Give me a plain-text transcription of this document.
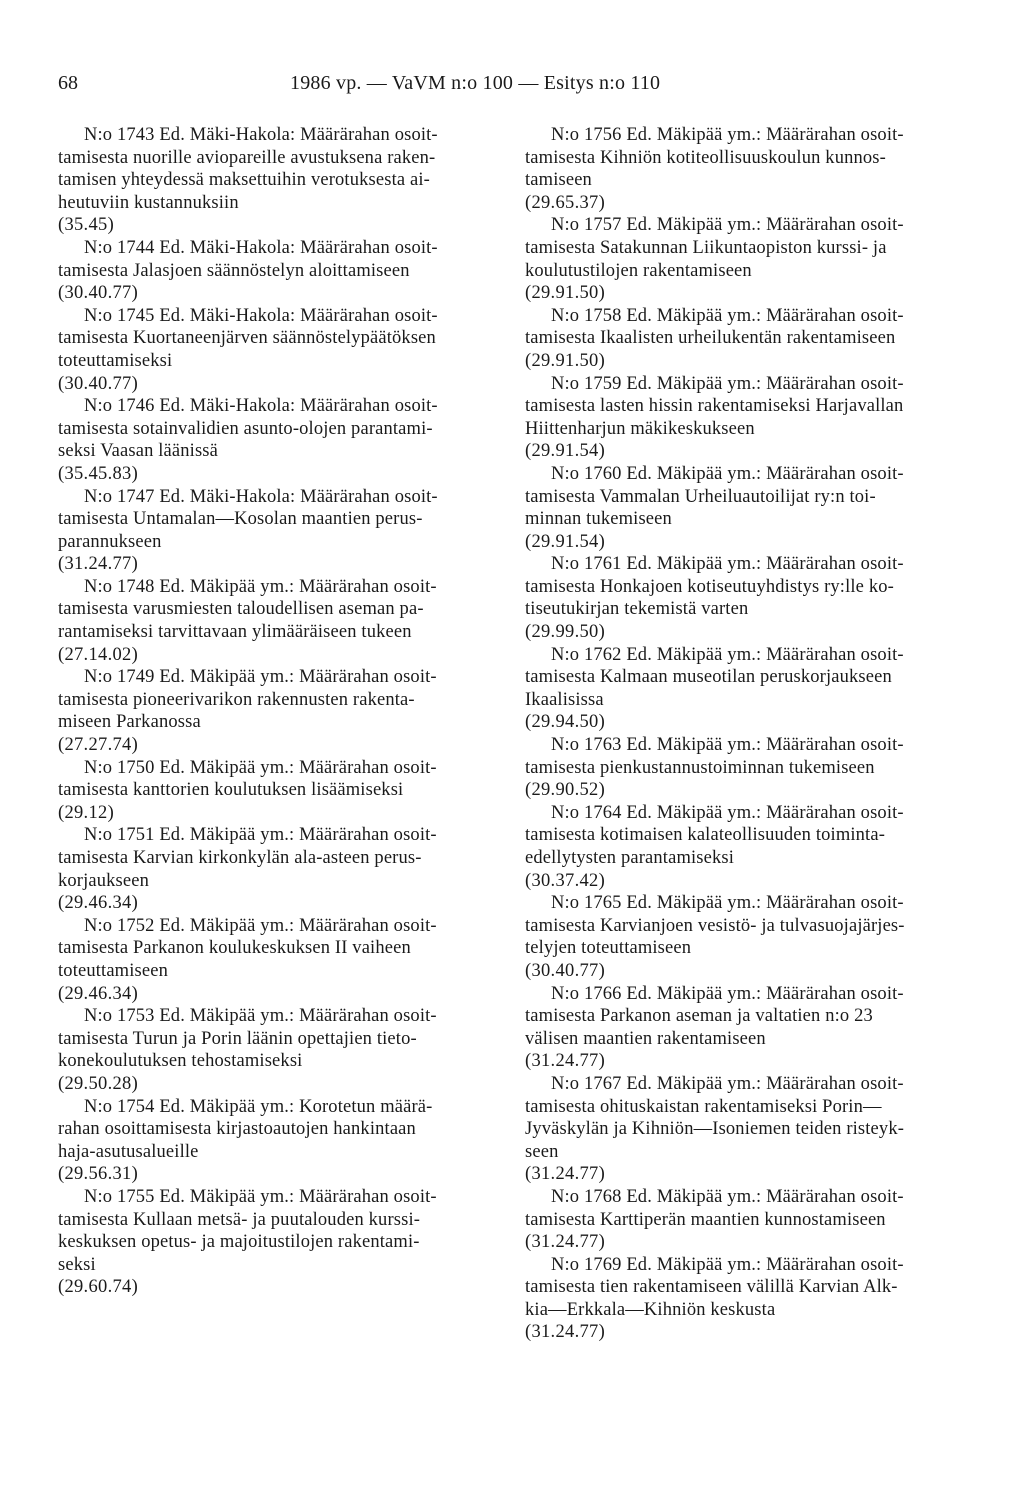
68	1986 vp. — VaVM n:o 100 — Esitys n:o 110

N:o 1743 Ed. Mäki-Hakola: Määrärahan osoit-

tamisesta nuorille aviopareille avustuksena raken-

tamisen yhteydessä maksettuihin verotuksesta ai-

heutuviin kustannuksiin

(35.45)

N:o 1744 Ed. Mäki-Hakola: Määrärahan osoit-

tamisesta Jalasjoen säännöstelyn aloittamiseen

(30.40.77)

N:o 1745 Ed. Mäki-Hakola: Määrärahan osoit-

tamisesta Kuortaneenjärven säännöstelypäätöksen

toteuttamiseksi

(30.40.77)

N:o 1746 Ed. Mäki-Hakola: Määrärahan osoit-

tamisesta sotainvalidien asunto-olojen parantami-

seksi Vaasan läänissä

(35.45.83)

N:o 1747 Ed. Mäki-Hakola: Määrärahan osoit-

tamisesta Untamalan—Kosolan maantien perus-

parannukseen

(31.24.77)

N:o 1748 Ed. Mäkipää ym.: Määrärahan osoit-

tamisesta varusmiesten taloudellisen aseman pa-

rantamiseksi tarvittavaan ylimääräiseen tukeen

(27.14.02)

N:o 1749 Ed. Mäkipää ym.: Määrärahan osoit-

tamisesta pioneerivarikon rakennusten rakenta-

miseen Parkanossa

(27.27.74)

N:o 1750 Ed. Mäkipää ym.: Määrärahan osoit-

tamisesta kanttorien koulutuksen lisäämiseksi

(29.12)

N:o 1751 Ed. Mäkipää ym.: Määrärahan osoit-

tamisesta Karvian kirkonkylän ala-asteen perus-

korjaukseen

(29.46.34)

N:o 1752 Ed. Mäkipää ym.: Määrärahan osoit-

tamisesta Parkanon koulukeskuksen II vaiheen

toteuttamiseen

(29.46.34)

N:o 1753 Ed. Mäkipää ym.: Määrärahan osoit-

tamisesta Turun ja Porin läänin opettajien tieto-

konekoulutuksen tehostamiseksi

(29.50.28)

N:o 1754 Ed. Mäkipää ym.: Korotetun määrä-

rahan osoittamisesta kirjastoautojen hankintaan

haja-asutusalueille

(29.56.31)

N:o 1755 Ed. Mäkipää ym.: Määrärahan osoit-

tamisesta Kullaan metsä- ja puutalouden kurssi-

keskuksen opetus- ja majoitustilojen rakentami-

seksi

(29.60.74)

N:o 1756 Ed. Mäkipää ym.: Määrärahan osoit-

tamisesta Kihniön kotiteollisuuskoulun kunnos-

tamiseen

(29.65.37)

N:o 1757 Ed. Mäkipää ym.: Määrärahan osoit-

tamisesta Satakunnan Liikuntaopiston kurssi- ja

koulutustilojen rakentamiseen

(29.91.50)

N:o 1758 Ed. Mäkipää ym.: Määrärahan osoit-

tamisesta Ikaalisten urheilukentän rakentamiseen

(29.91.50)

N:o 1759 Ed. Mäkipää ym.: Määrärahan osoit-

tamisesta lasten hissin rakentamiseksi Harjavallan

Hiittenharjun mäkikeskukseen

(29.91.54)

N:o 1760 Ed. Mäkipää ym.: Määrärahan osoit-

tamisesta Vammalan Urheiluautoilijat ry:n toi-

minnan tukemiseen

(29.91.54)

N:o 1761 Ed. Mäkipää ym.: Määrärahan osoit-

tamisesta Honkajoen kotiseutuyhdistys ry:lle ko-

tiseutukirjan tekemistä varten

(29.99.50)

N:o 1762 Ed. Mäkipää ym.: Määrärahan osoit-

tamisesta Kalmaan museotilan peruskorjaukseen

Ikaalisissa

(29.94.50)

N:o 1763 Ed. Mäkipää ym.: Määrärahan osoit-

tamisesta pienkustannustoiminnan tukemiseen

(29.90.52)

N:o 1764 Ed. Mäkipää ym.: Määrärahan osoit-

tamisesta kotimaisen kalateollisuuden toiminta-

edellytysten parantamiseksi

(30.37.42)

N:o 1765 Ed. Mäkipää ym.: Määrärahan osoit-

tamisesta Karvianjoen vesistö- ja tulvasuojajärjes-

telyjen toteuttamiseen

(30.40.77)

N:o 1766 Ed. Mäkipää ym.: Määrärahan osoit-

tamisesta Parkanon aseman ja valtatien n:o 23

välisen maantien rakentamiseen

(31.24.77)

N:o 1767 Ed. Mäkipää ym.: Määrärahan osoit-

tamisesta ohituskaistan rakentamiseksi Porin—

Jyväskylän ja Kihniön—Isoniemen teiden risteyk-

seen

(31.24.77)

N:o 1768 Ed. Mäkipää ym.: Määrärahan osoit-

tamisesta Karttiperän maantien kunnostamiseen

(31.24.77)

N:o 1769 Ed. Mäkipää ym.: Määrärahan osoit-

tamisesta tien rakentamiseen välillä Karvian Alk-

kia—Erkkala—Kihniön keskusta

(31.24.77)
